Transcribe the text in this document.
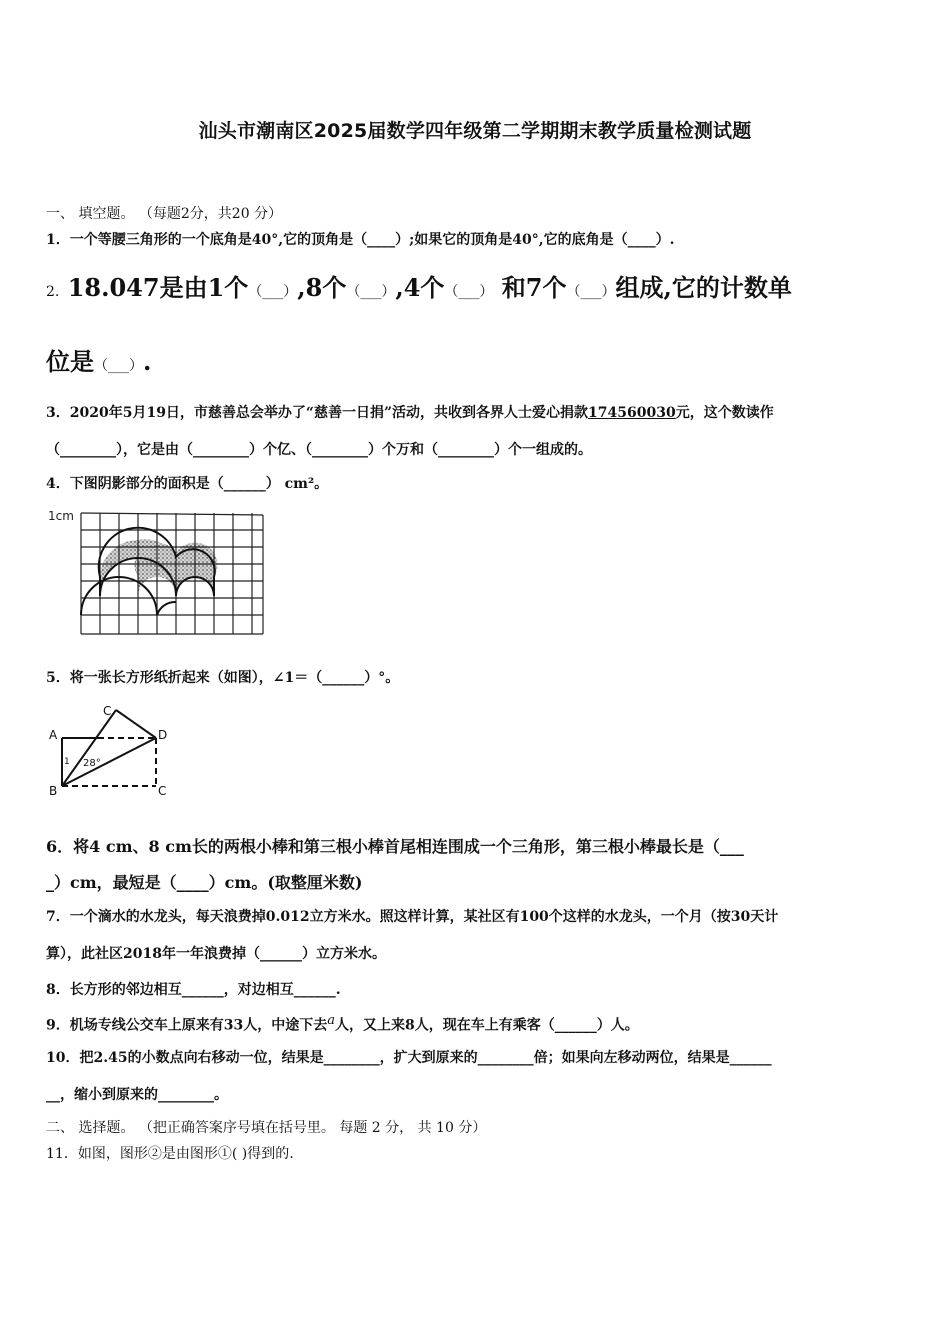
汕头市潮南区2025届数学四年级第二学期期末教学质量检测试题
一、 填空题。 （每题2分，共20 分）
1．一个等腰三角形的一个底角是40°,它的顶角是（____）;如果它的顶角是40°,它的底角是（____）.
2. 18.047是由1个（___）,8个（___）,4个（___） 和7个（___）组成,它的计数单
位是（___）.
3．2020年5月19日，市慈善总会举办了“慈善一日捐”活动，共收到各界人士爱心捐款174560030元，这个数读作
（________），它是由（________）个亿、（________）个万和（________）个一组成的。
4．下图阴影部分的面积是（______） cm²。
1cm
5．将一张长方形纸折起来（如图），∠1＝（______）°。
A
B
C
D
C
1 28°
6．将4 cm、8 cm长的两根小棒和第三根小棒首尾相连围成一个三角形，第三根小棒最长是（___
_）cm，最短是（____）cm。(取整厘米数)
7．一个滴水的水龙头，每天浪费掉0.012立方米水。照这样计算，某社区有100个这样的水龙头，一个月（按30天计
算），此社区2018年一年浪费掉（______）立方米水。
8．长方形的邻边相互______，对边相互______.
9．机场专线公交车上原来有33人，中途下去a人，又上来8人，现在车上有乘客（______）人。
10．把2.45的小数点向右移动一位，结果是________，扩大到原来的________倍；如果向左移动两位，结果是______
__，缩小到原来的________。
二、 选择题。 （把正确答案序号填在括号里。 每题 2 分， 共 10 分）
11．如图，图形②是由图形①( )得到的.
